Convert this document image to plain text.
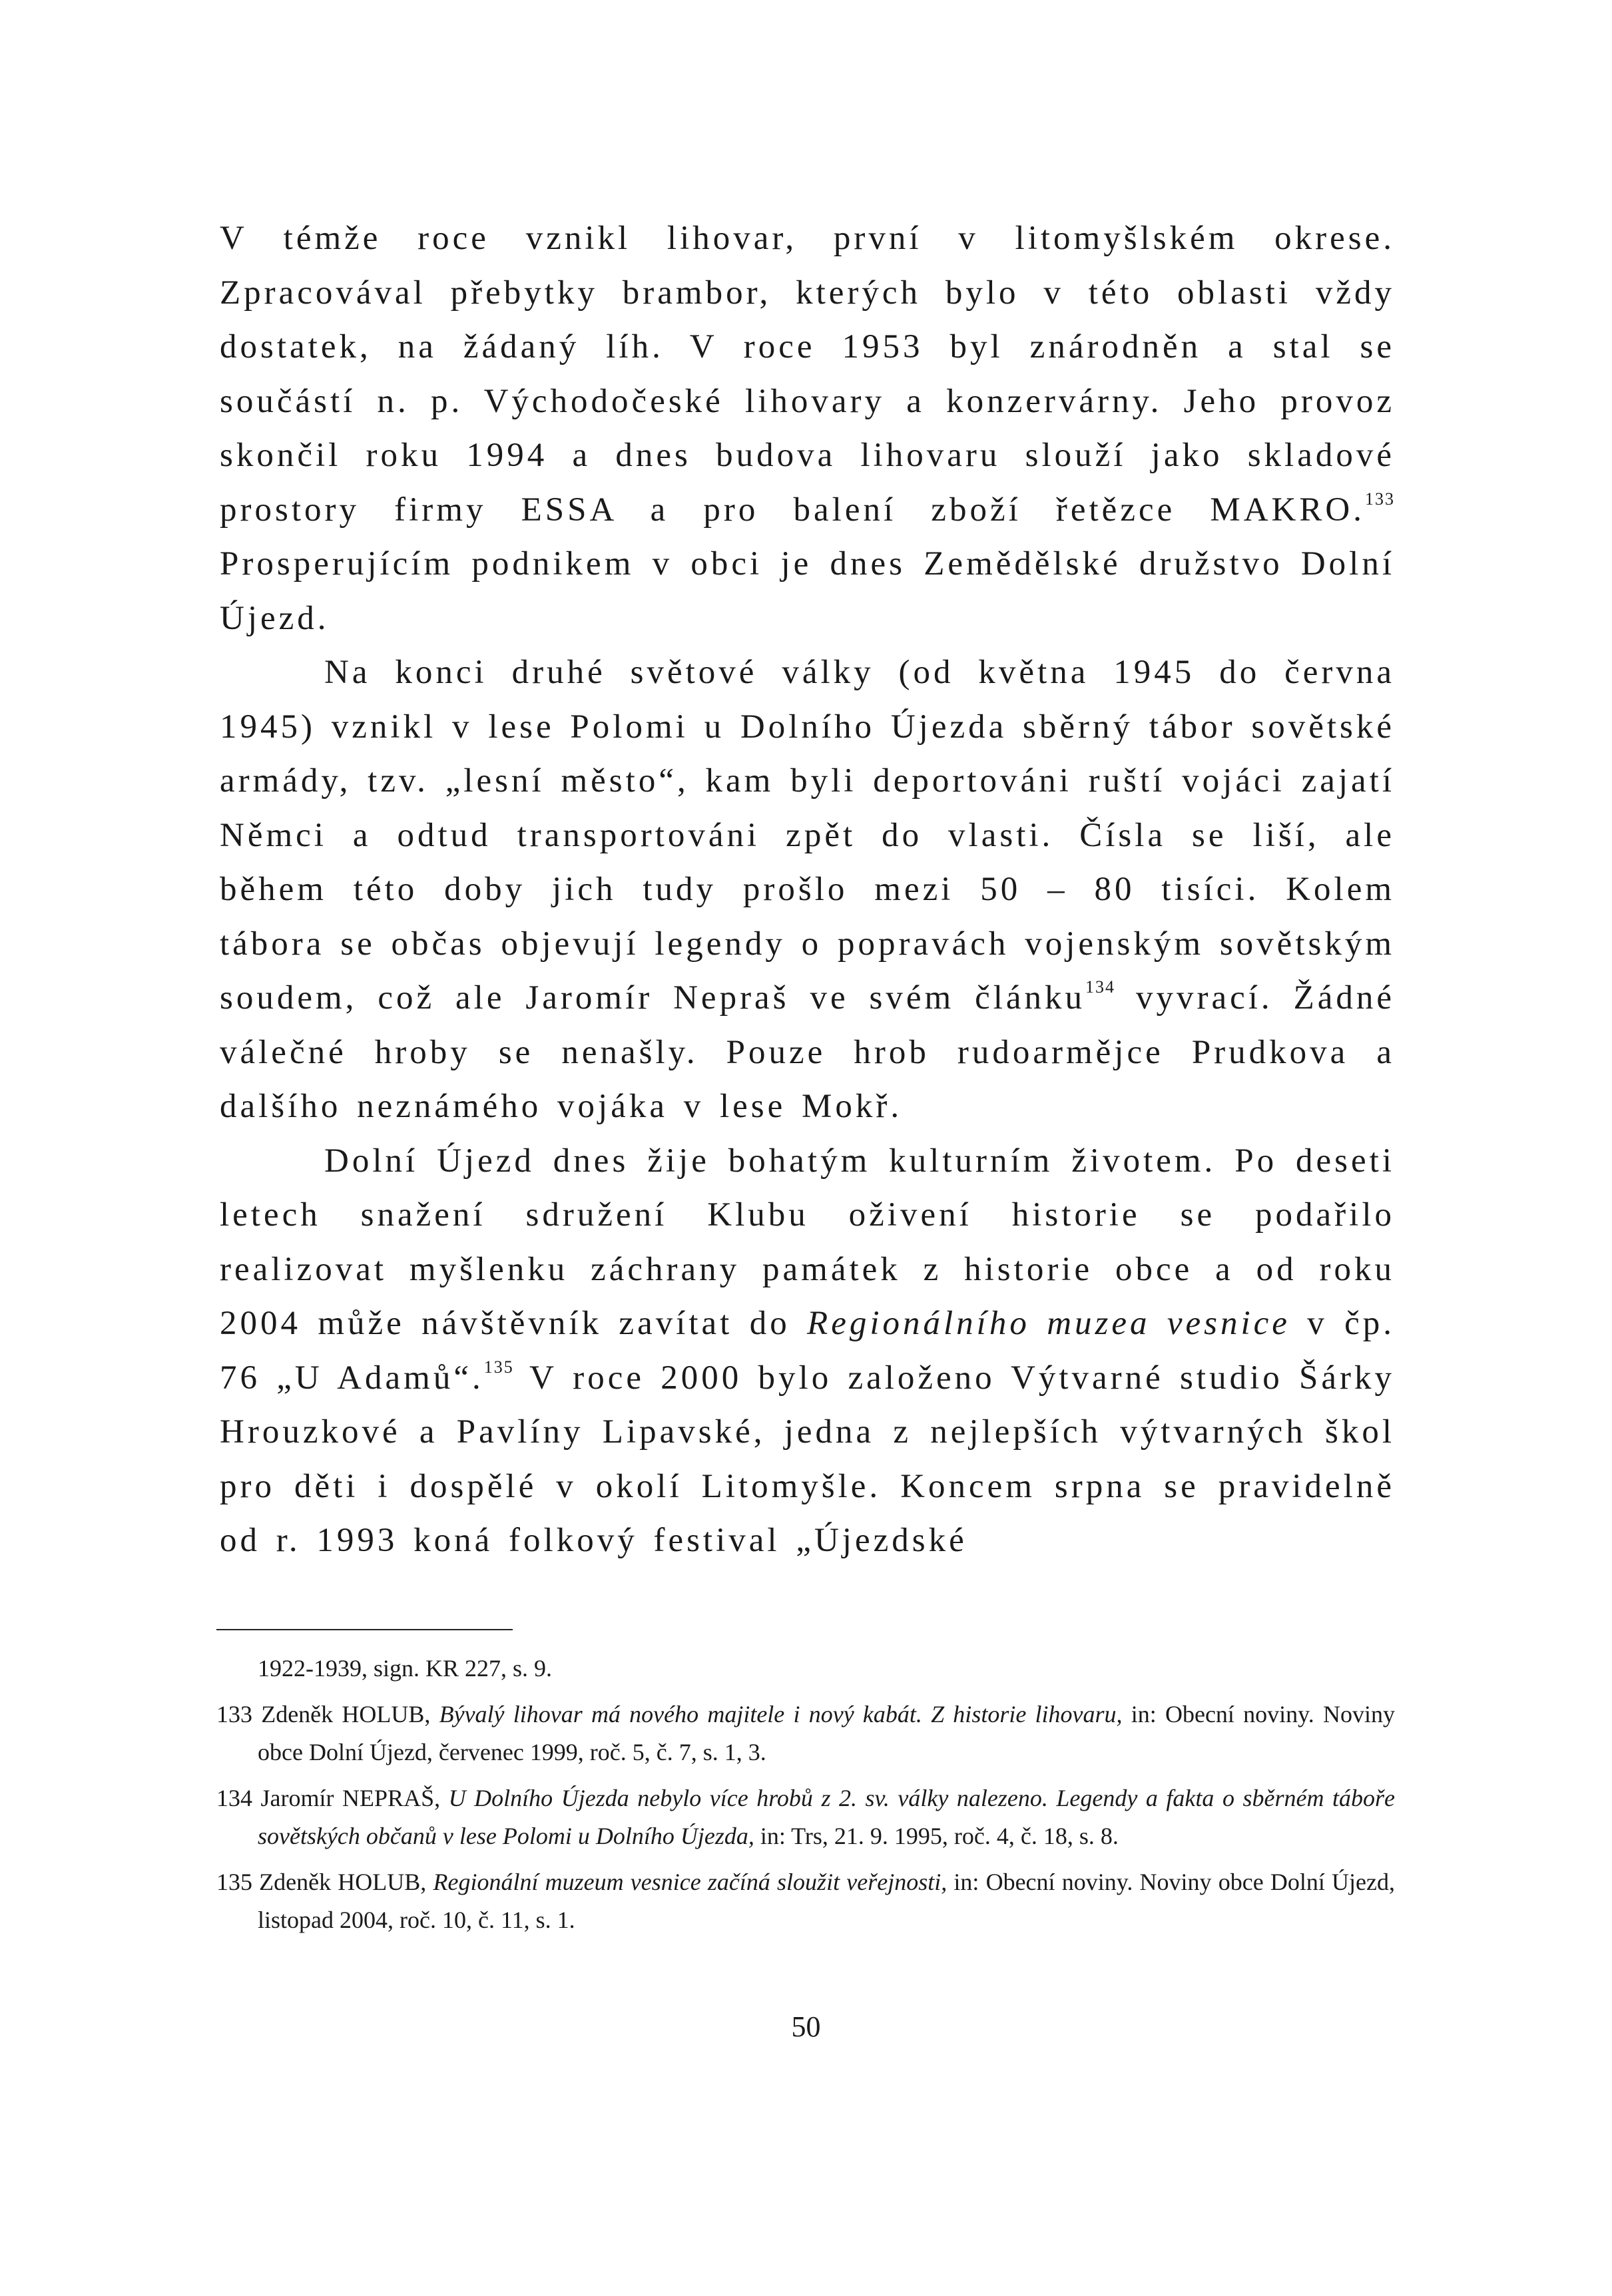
V témže roce vznikl lihovar, první v litomyšlském okrese. Zpracovával přebytky brambor, kterých bylo v této oblasti vždy dostatek, na žádaný líh. V roce 1953 byl znárodněn a stal se součástí n. p. Východočeské lihovary a konzervárny. Jeho provoz skončil roku 1994 a dnes budova lihovaru slouží jako skladové prostory firmy ESSA a pro balení zboží řetězce MAKRO.$^{133}$ Prosperujícím podnikem v obci je dnes Zemědělské družstvo Dolní Újezd.

Na konci druhé světové války (od května 1945 do června 1945) vznikl v lese Polomi u Dolního Újezda sběrný tábor sovětské armády, tzv. „lesní město“, kam byli deportováni ruští vojáci zajatí Němci a odtud transportováni zpět do vlasti. Čísla se liší, ale během této doby jich tudy prošlo mezi 50 – 80 tisíci. Kolem tábora se občas objevují legendy o popravách vojenským sovětským soudem, což ale Jaromír Nepraš ve svém článku$^{134}$ vyvrací. Žádné válečné hroby se nenašly. Pouze hrob rudoarmějce Prudkova a dalšího neznámého vojáka v lese Mokř.

Dolní Újezd dnes žije bohatým kulturním životem. Po deseti letech snažení sdružení Klubu oživení historie se podařilo realizovat myšlenku záchrany památek z historie obce a od roku 2004 může návštěvník zavítat do Regionálního muzea vesnice v čp. 76 „U Adamů“.$^{135}$ V roce 2000 bylo založeno Výtvarné studio Šárky Hrouzkové a Pavlíny Lipavské, jedna z nejlepších výtvarných škol pro děti i dospělé v okolí Litomyšle. Koncem srpna se pravidelně od r. 1993 koná folkový festival „Újezdské

1922-1939, sign. KR 227, s. 9.

133 Zdeněk HOLUB, Bývalý lihovar má nového majitele i nový kabát. Z historie lihovaru, in: Obecní noviny. Noviny obce Dolní Újezd, červenec 1999, roč. 5, č. 7, s. 1, 3.

134 Jaromír NEPRAŠ, U Dolního Újezda nebylo více hrobů z 2. sv. války nalezeno. Legendy a fakta o sběrném táboře sovětských občanů v lese Polomi u Dolního Újezda, in: Trs, 21. 9. 1995, roč. 4, č. 18, s. 8.

135 Zdeněk HOLUB, Regionální muzeum vesnice začíná sloužit veřejnosti, in: Obecní noviny. Noviny obce Dolní Újezd, listopad 2004, roč. 10, č. 11, s. 1.

50
